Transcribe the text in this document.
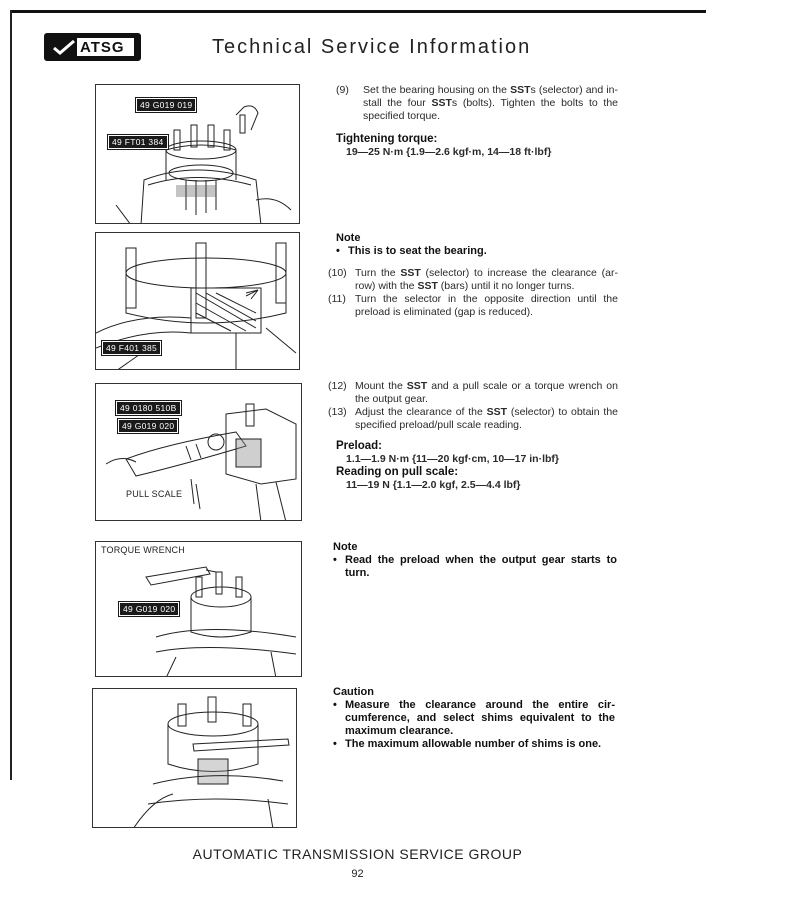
ATSG	Technical Service Information
49 G019 019
49 FT01 384
49 F401 385
49 0180 510B
49 G019 020
PULL SCALE
TORQUE WRENCH
49 G019 020

(9) Set the bearing housing on the SSTs (selector) and in-stall the four SSTs (bolts). Tighten the bolts to the specified torque.

Tightening torque:

19—25 N·m {1.9—2.6 kgf·m, 14—18 ft·lbf}

Note

• This is to seat the bearing.

(10) Turn the SST (selector) to increase the clearance (ar-row) with the SST (bars) until it no longer turns.

(11) Turn the selector in the opposite direction until the preload is eliminated (gap is reduced).

(12) Mount the SST and a pull scale or a torque wrench on the output gear.

(13) Adjust the clearance of the SST (selector) to obtain the specified preload/pull scale reading.

Preload:

1.1—1.9 N·m {11—20 kgf·cm, 10—17 in·lbf}

Reading on pull scale:

11—19 N {1.1—2.0 kgf, 2.5—4.4 lbf}

Note

• Read the preload when the output gear starts to turn.

Caution

• Measure the clearance around the entire cir-cumference, and select shims equivalent to the maximum clearance.

• The maximum allowable number of shims is one.

AUTOMATIC TRANSMISSION SERVICE GROUP
92
